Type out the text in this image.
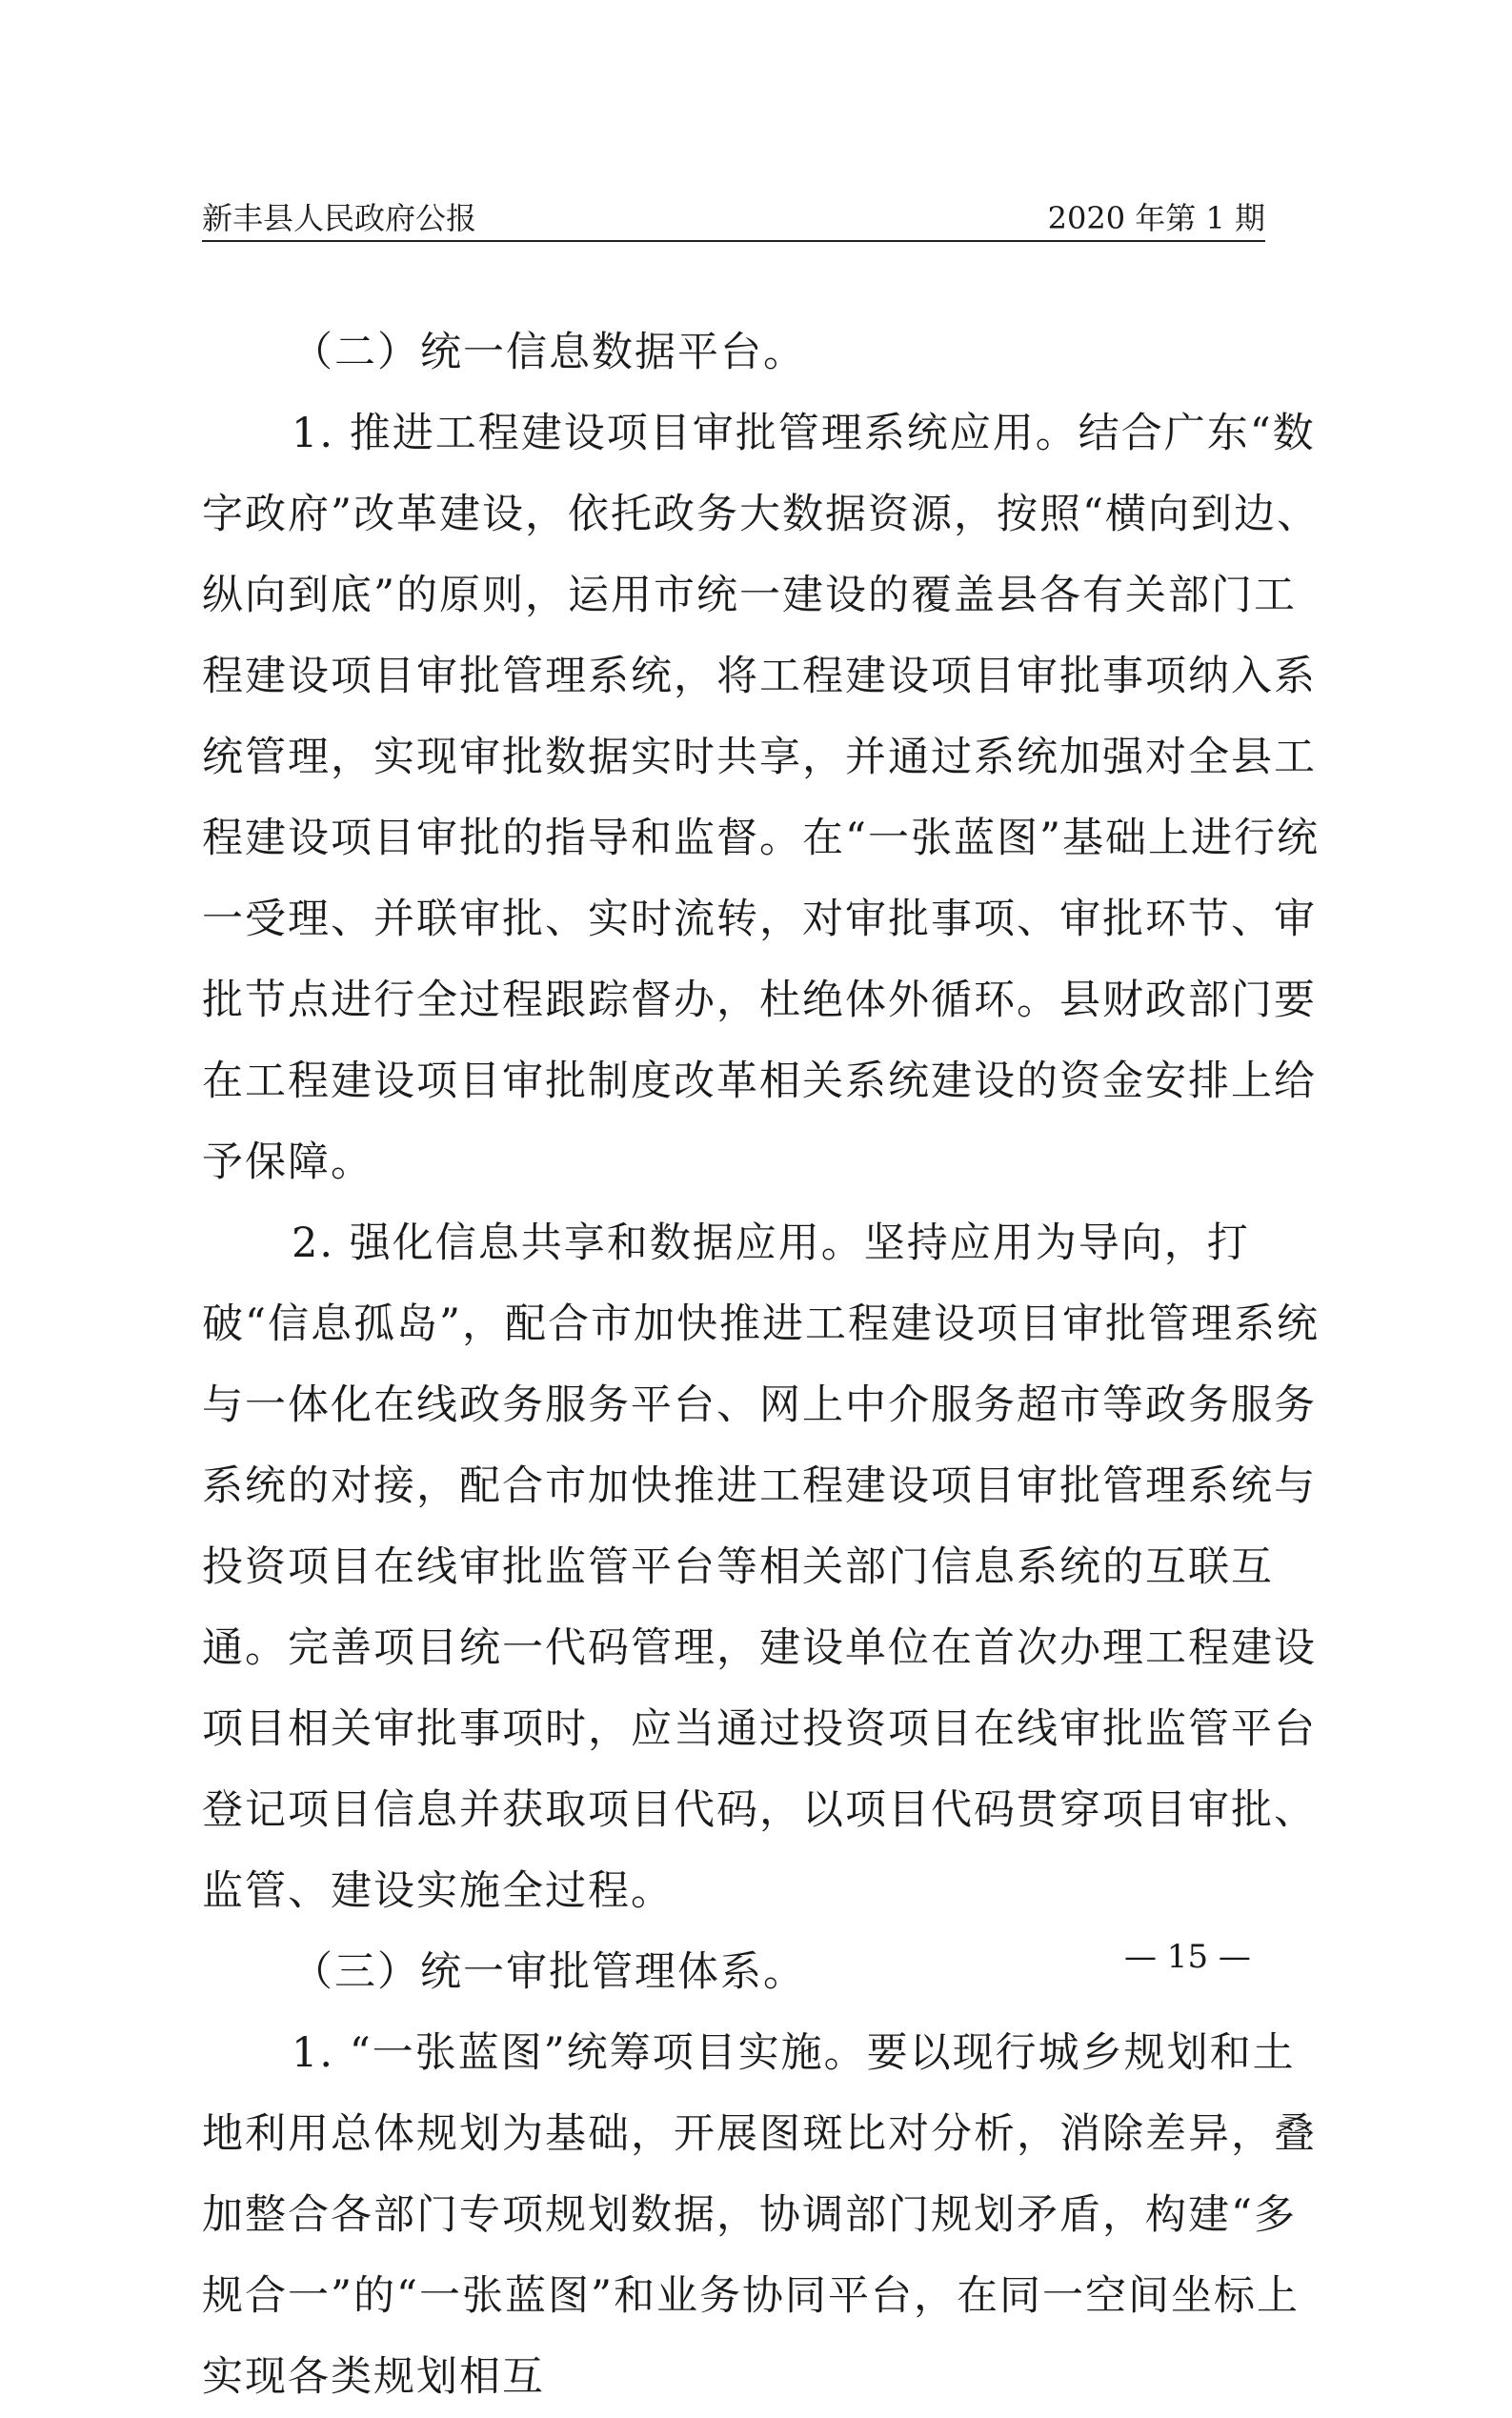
新丰县人民政府公报	2020 年第 1 期

（二）统一信息数据平台。

1. 推进工程建设项目审批管理系统应用。结合广东“数字政府”改革建设，依托政务大数据资源，按照“横向到边、纵向到底”的原则，运用市统一建设的覆盖县各有关部门工程建设项目审批管理系统，将工程建设项目审批事项纳入系统管理，实现审批数据实时共享，并通过系统加强对全县工程建设项目审批的指导和监督。在“一张蓝图”基础上进行统一受理、并联审批、实时流转，对审批事项、审批环节、审批节点进行全过程跟踪督办，杜绝体外循环。县财政部门要在工程建设项目审批制度改革相关系统建设的资金安排上给予保障。

2. 强化信息共享和数据应用。坚持应用为导向，打破“信息孤岛”，配合市加快推进工程建设项目审批管理系统与一体化在线政务服务平台、网上中介服务超市等政务服务系统的对接，配合市加快推进工程建设项目审批管理系统与投资项目在线审批监管平台等相关部门信息系统的互联互通。完善项目统一代码管理，建设单位在首次办理工程建设项目相关审批事项时，应当通过投资项目在线审批监管平台登记项目信息并获取项目代码，以项目代码贯穿项目审批、监管、建设实施全过程。

（三）统一审批管理体系。

1. “一张蓝图”统筹项目实施。要以现行城乡规划和土地利用总体规划为基础，开展图斑比对分析，消除差异，叠加整合各部门专项规划数据，协调部门规划矛盾，构建“多规合一”的“一张蓝图”和业务协同平台，在同一空间坐标上实现各类规划相互

— 15 —
